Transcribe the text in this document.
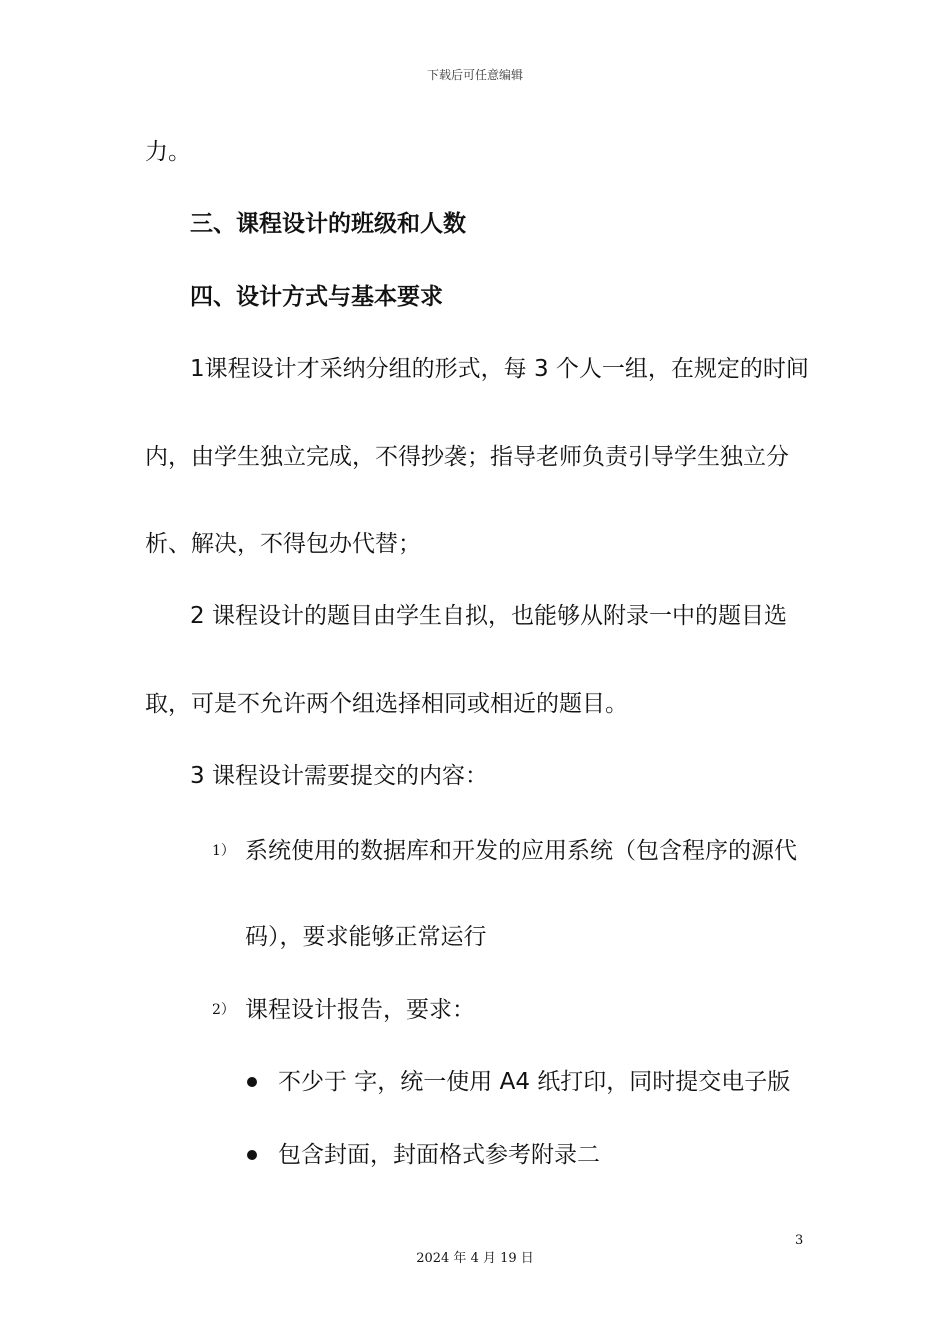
下载后可任意编辑
力。
三、课程设计的班级和人数
四、设计方式与基本要求
1课程设计才采纳分组的形式，每 3 个人一组，在规定的时间
内，由学生独立完成，不得抄袭；指导老师负责引导学生独立分
析、解决，不得包办代替；
2 课程设计的题目由学生自拟，也能够从附录一中的题目选
取，可是不允许两个组选择相同或相近的题目。
3 课程设计需要提交的内容：
1） 系统使用的数据库和开发的应用系统（包含程序的源代
码），要求能够正常运行
2） 课程设计报告，要求：
不少于 字，统一使用 A4 纸打印，同时提交电子版
包含封面，封面格式参考附录二
3
2024 年 4 月 19 日
